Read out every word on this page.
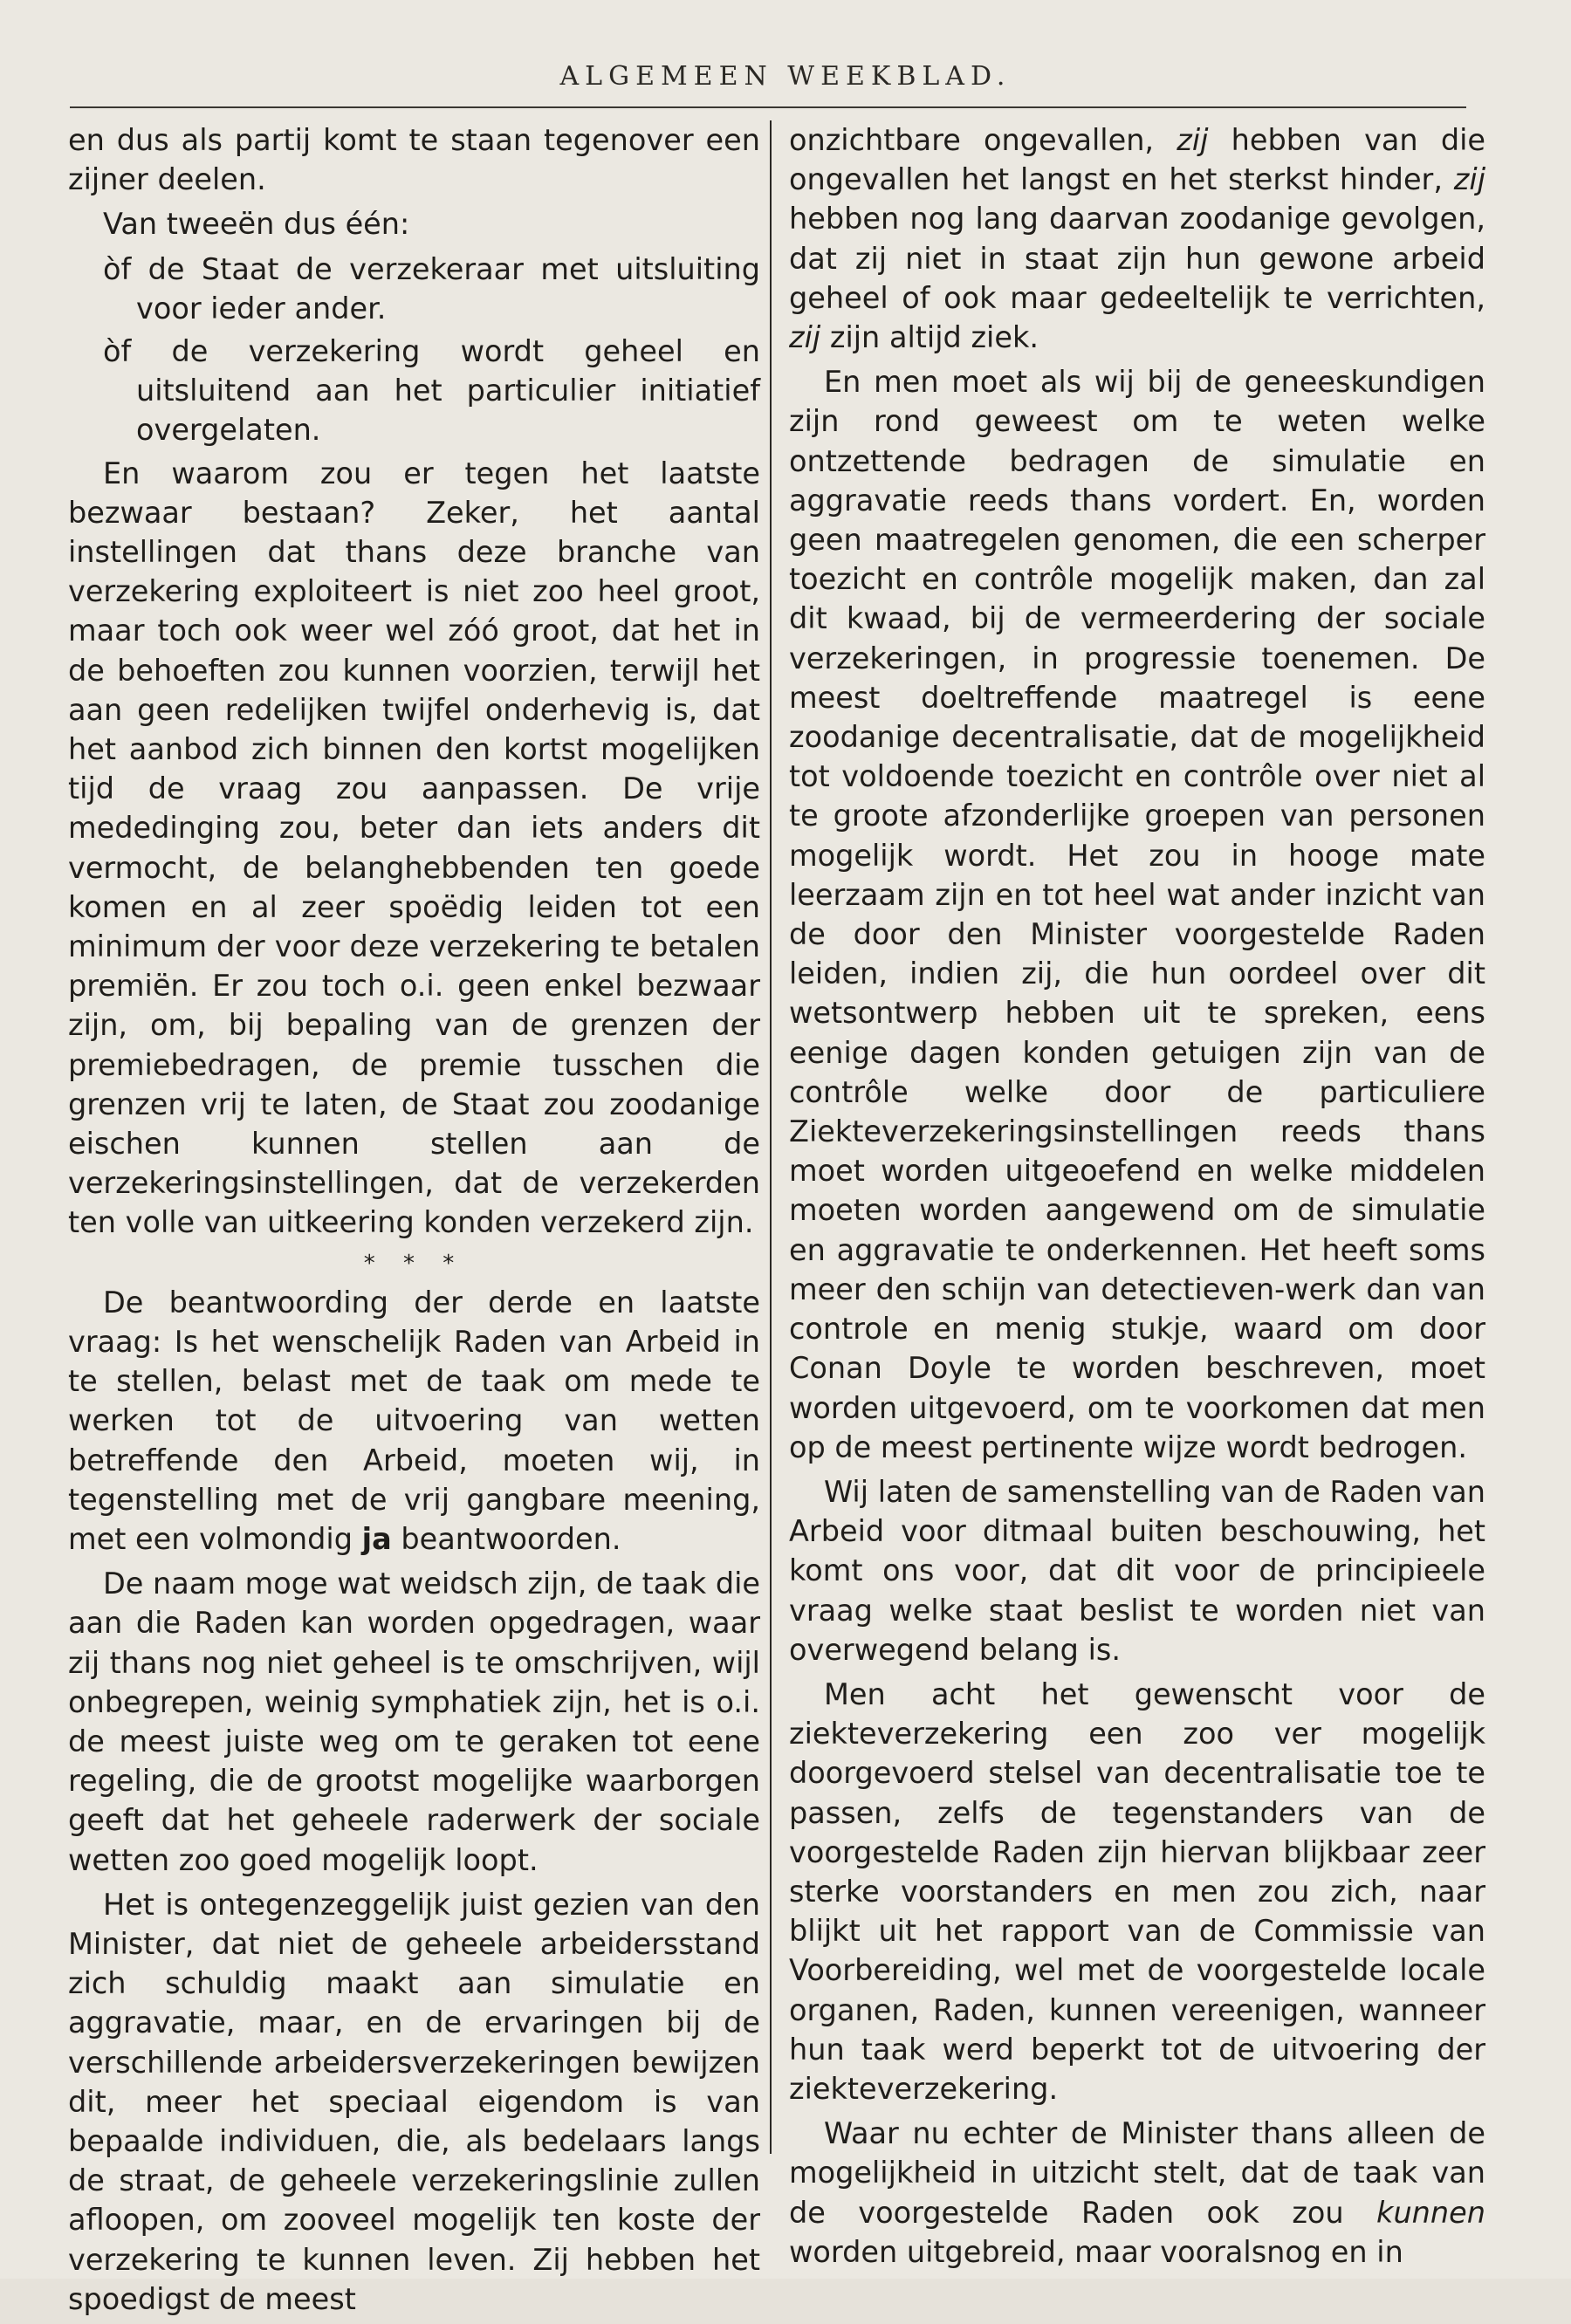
ALGEMEEN WEEKBLAD.

en dus als partij komt te staan tegenover een zijner deelen.

Van tweeën dus één:

òf de Staat de verzekeraar met uitsluiting voor ieder ander.

òf de verzekering wordt geheel en uitsluitend aan het particulier initiatief overgelaten.

En waarom zou er tegen het laatste bezwaar bestaan? Zeker, het aantal instellingen dat thans deze branche van verzekering exploiteert is niet zoo heel groot, maar toch ook weer wel zóó groot, dat het in de behoeften zou kunnen voorzien, terwijl het aan geen redelijken twijfel onderhevig is, dat het aanbod zich binnen den kortst mogelijken tijd de vraag zou aanpassen. De vrije mededinging zou, beter dan iets anders dit vermocht, de belanghebbenden ten goede komen en al zeer spoëdig leiden tot een minimum der voor deze verzekering te betalen premiën. Er zou toch o.i. geen enkel bezwaar zijn, om, bij bepaling van de grenzen der premiebedragen, de premie tusschen die grenzen vrij te laten, de Staat zou zoodanige eischen kunnen stellen aan de verzekeringsinstellingen, dat de verzekerden ten volle van uitkeering konden verzekerd zijn.

* * *

De beantwoording der derde en laatste vraag: Is het wenschelijk Raden van Arbeid in te stellen, belast met de taak om mede te werken tot de uitvoering van wetten betreffende den Arbeid, moeten wij, in tegenstelling met de vrij gangbare meening, met een volmondig ja beantwoorden.

De naam moge wat weidsch zijn, de taak die aan die Raden kan worden opgedragen, waar zij thans nog niet geheel is te omschrijven, wijl onbegrepen, weinig symphatiek zijn, het is o.i. de meest juiste weg om te geraken tot eene regeling, die de grootst mogelijke waarborgen geeft dat het geheele raderwerk der sociale wetten zoo goed mogelijk loopt.

Het is ontegenzeggelijk juist gezien van den Minister, dat niet de geheele arbeidersstand zich schuldig maakt aan simulatie en aggravatie, maar, en de ervaringen bij de verschillende arbeidersverzekeringen bewijzen dit, meer het speciaal eigendom is van bepaalde individuen, die, als bedelaars langs de straat, de geheele verzekeringslinie zullen afloopen, om zooveel mogelijk ten koste der verzekering te kunnen leven. Zij hebben het spoedigst de meest

onzichtbare ongevallen, zij hebben van die ongevallen het langst en het sterkst hinder, zij hebben nog lang daarvan zoodanige gevolgen, dat zij niet in staat zijn hun gewone arbeid geheel of ook maar gedeeltelijk te verrichten, zij zijn altijd ziek.

En men moet als wij bij de geneeskundigen zijn rond geweest om te weten welke ontzettende bedragen de simulatie en aggravatie reeds thans vordert. En, worden geen maatregelen genomen, die een scherper toezicht en contrôle mogelijk maken, dan zal dit kwaad, bij de vermeerdering der sociale verzekeringen, in progressie toenemen. De meest doeltreffende maatregel is eene zoodanige decentralisatie, dat de mogelijkheid tot voldoende toezicht en contrôle over niet al te groote afzonderlijke groepen van personen mogelijk wordt. Het zou in hooge mate leerzaam zijn en tot heel wat ander inzicht van de door den Minister voorgestelde Raden leiden, indien zij, die hun oordeel over dit wetsontwerp hebben uit te spreken, eens eenige dagen konden getuigen zijn van de contrôle welke door de particuliere Ziekteverzekeringsinstellingen reeds thans moet worden uitgeoefend en welke middelen moeten worden aangewend om de simulatie en aggravatie te onderkennen. Het heeft soms meer den schijn van detectieven-werk dan van controle en menig stukje, waard om door Conan Doyle te worden beschreven, moet worden uitgevoerd, om te voorkomen dat men op de meest pertinente wijze wordt bedrogen.

Wij laten de samenstelling van de Raden van Arbeid voor ditmaal buiten beschouwing, het komt ons voor, dat dit voor de principieele vraag welke staat beslist te worden niet van overwegend belang is.

Men acht het gewenscht voor de ziekteverzekering een zoo ver mogelijk doorgevoerd stelsel van decentralisatie toe te passen, zelfs de tegenstanders van de voorgestelde Raden zijn hiervan blijkbaar zeer sterke voorstanders en men zou zich, naar blijkt uit het rapport van de Commissie van Voorbereiding, wel met de voorgestelde locale organen, Raden, kunnen vereenigen, wanneer hun taak werd beperkt tot de uitvoering der ziekteverzekering.

Waar nu echter de Minister thans alleen de mogelijkheid in uitzicht stelt, dat de taak van de voorgestelde Raden ook zou kunnen worden uitgebreid, maar vooralsnog en in
